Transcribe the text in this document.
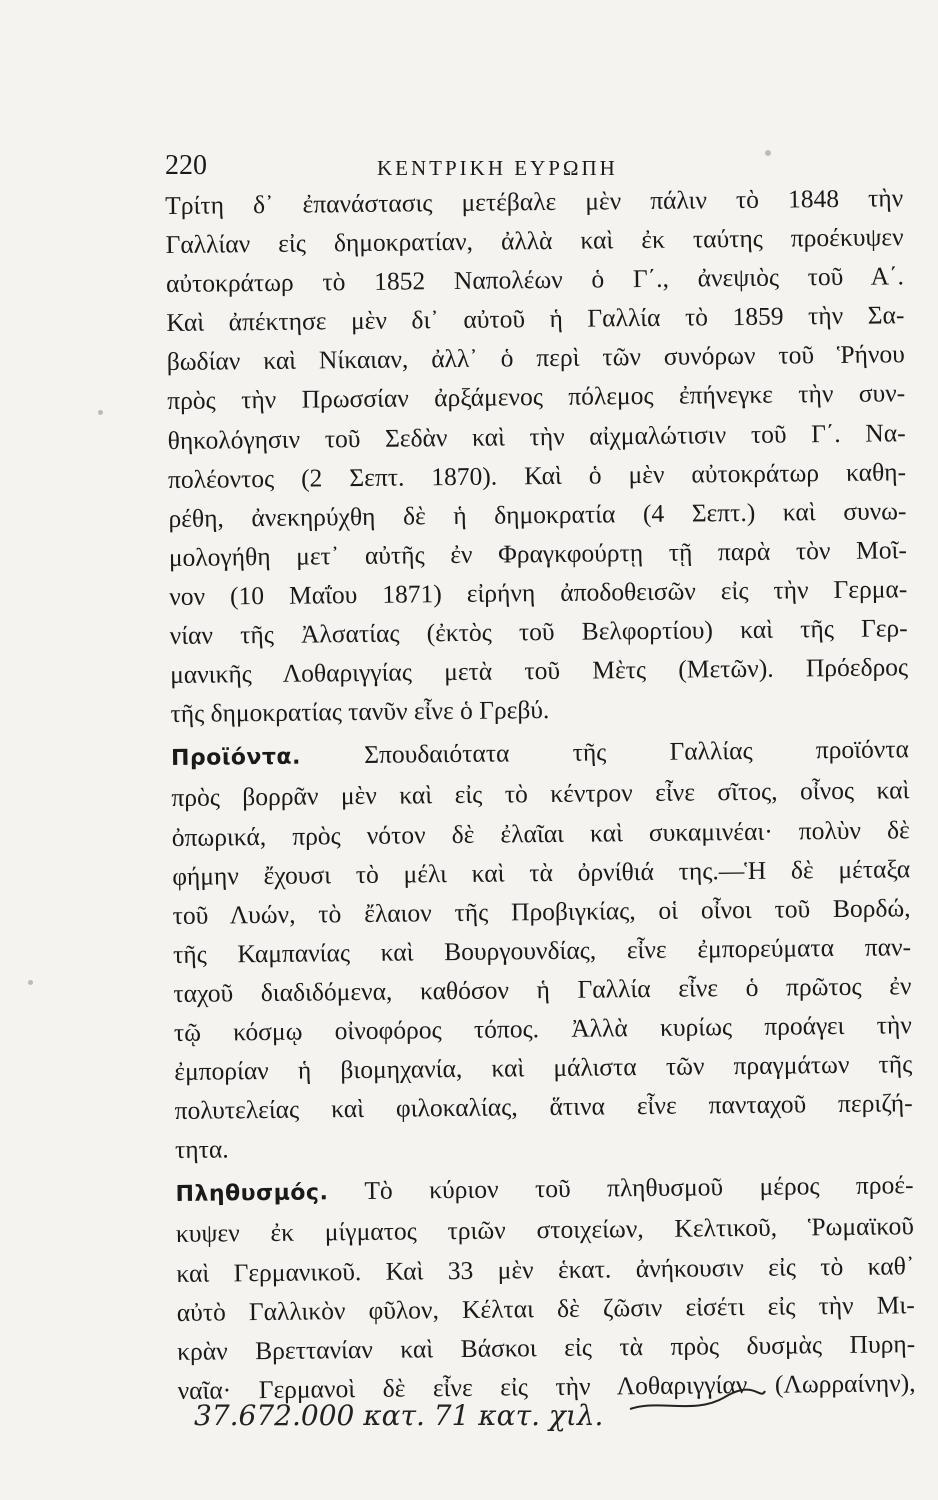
220	ΚΕΝΤΡΙΚΗ ΕΥΡΩΠΗ
Τρίτη δ᾽ ἐπανάστασις μετέβαλε μὲν πάλιν τὸ 1848 τὴν
Γαλλίαν εἰς δημοκρατίαν, ἀλλὰ καὶ ἐκ ταύτης προέκυψεν
αὐτοκράτωρ τὸ 1852 Ναπολέων ὁ Γ΄., ἀνεψιὸς τοῦ Α΄.
Καὶ ἀπέκτησε μὲν δι᾽ αὐτοῦ ἡ Γαλλία τὸ 1859 τὴν Σα-
βωδίαν καὶ Νίκαιαν, ἀλλ᾽ ὁ περὶ τῶν συνόρων τοῦ Ῥήνου
πρὸς τὴν Πρωσσίαν ἀρξάμενος πόλεμος ἐπήνεγκε τὴν συν-
θηκολόγησιν τοῦ Σεδὰν καὶ τὴν αἰχμαλώτισιν τοῦ Γ΄. Να-
πολέοντος (2 Σεπτ. 1870). Καὶ ὁ μὲν αὐτοκράτωρ καθη-
ρέθη, ἀνεκηρύχθη δὲ ἡ δημοκρατία (4 Σεπτ.) καὶ συνω-
μολογήθη μετ᾽ αὐτῆς ἐν Φραγκφούρτῃ τῇ παρὰ τὸν Μοῖ-
νον (10 Μαΐου 1871) εἰρήνη ἀποδοθεισῶν εἰς τὴν Γερμα-
νίαν τῆς Ἀλσατίας (ἐκτὸς τοῦ Βελφορτίου) καὶ τῆς Γερ-
μανικῆς Λοθαριγγίας μετὰ τοῦ Μὲτς (Μετῶν). Πρόεδρος
τῆς δημοκρατίας τανῦν εἶνε ὁ Γρεβύ.
Προϊόντα. Σπουδαιότατα τῆς Γαλλίας προϊόντα
πρὸς βορρᾶν μὲν καὶ εἰς τὸ κέντρον εἶνε σῖτος, οἶνος καὶ
ὀπωρικά, πρὸς νότον δὲ ἐλαῖαι καὶ συκαμινέαι· πολὺν δὲ
φήμην ἔχουσι τὸ μέλι καὶ τὰ ὀρνίθιά της.—Ἡ δὲ μέταξα
τοῦ Λυών, τὸ ἔλαιον τῆς Προβιγκίας, οἱ οἶνοι τοῦ Βορδώ,
τῆς Καμπανίας καὶ Βουργουνδίας, εἶνε ἐμπορεύματα παν-
ταχοῦ διαδιδόμενα, καθόσον ἡ Γαλλία εἶνε ὁ πρῶτος ἐν
τῷ κόσμῳ οἰνοφόρος τόπος. Ἀλλὰ κυρίως προάγει τὴν
ἐμπορίαν ἡ βιομηχανία, καὶ μάλιστα τῶν πραγμάτων τῆς
πολυτελείας καὶ φιλοκαλίας, ἅτινα εἶνε πανταχοῦ περιζή-
τητα.
Πληθυσμός. Τὸ κύριον τοῦ πληθυσμοῦ μέρος προέ-
κυψεν ἐκ μίγματος τριῶν στοιχείων, Κελτικοῦ, Ῥωμαϊκοῦ
καὶ Γερμανικοῦ. Καὶ 33 μὲν ἑκατ. ἀνήκουσιν εἰς τὸ καθ᾽
αὐτὸ Γαλλικὸν φῦλον, Κέλται δὲ ζῶσιν εἰσέτι εἰς τὴν Μι-
κρὰν Βρεττανίαν καὶ Βάσκοι εἰς τὰ πρὸς δυσμὰς Πυρη-
ναῖα· Γερμανοὶ δὲ εἶνε εἰς τὴν Λοθαριγγίαν (Λωρραίνην),
37.672.000 κατ. 71 κατ. χιλ.
